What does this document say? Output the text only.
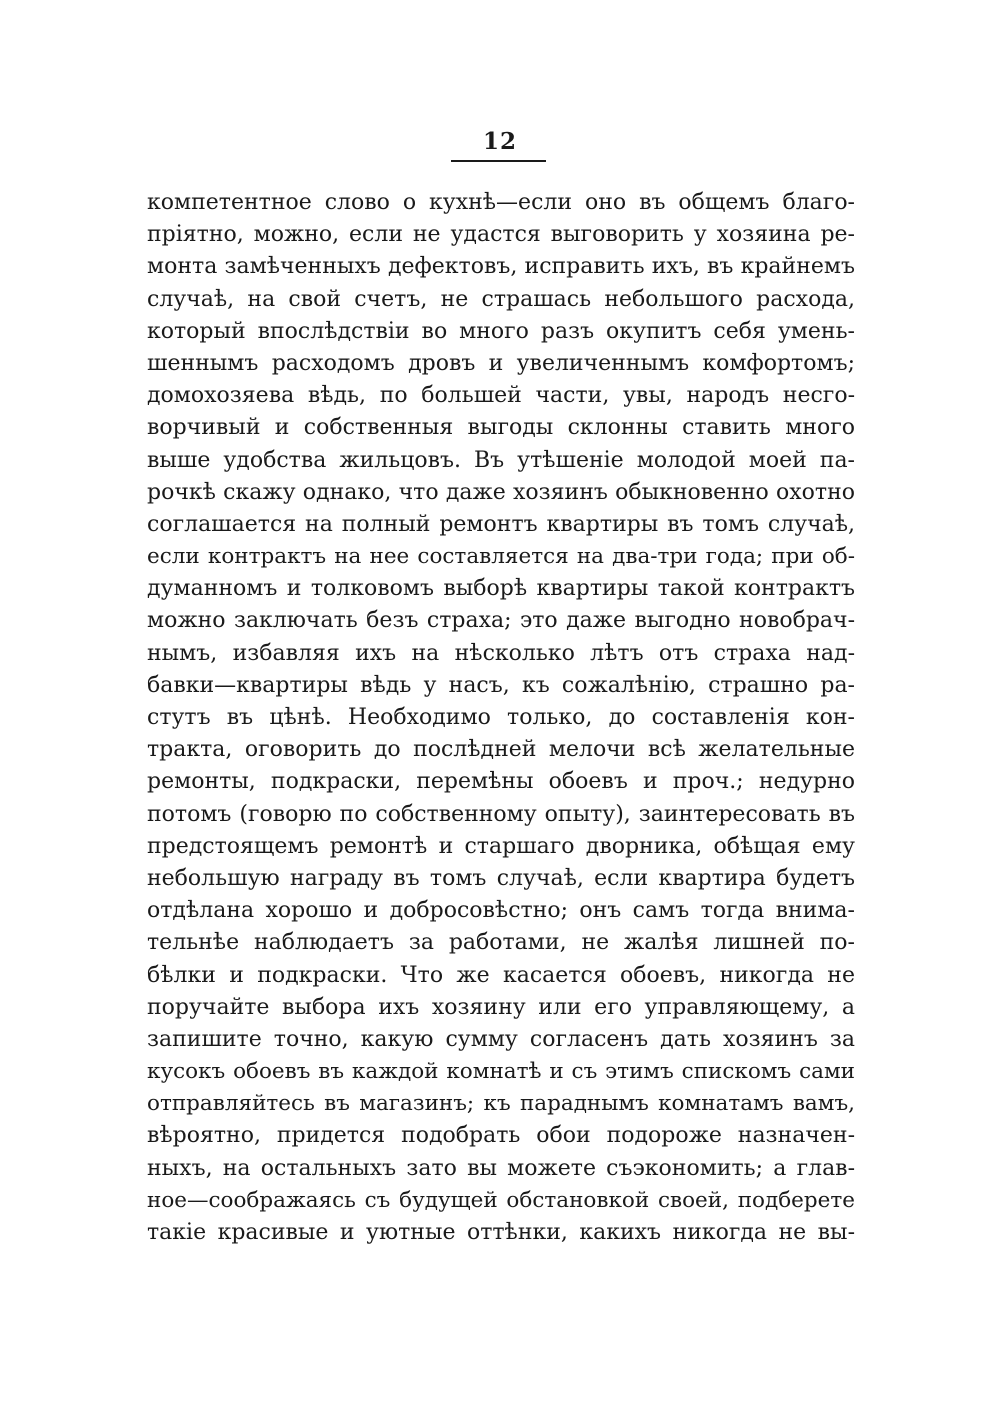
12
компетентное слово о кухнѣ—если оно въ общемъ благо-
пріятно, можно, если не удастся выговорить у хозяина ре-
монта замѣченныхъ дефектовъ, исправить ихъ, въ крайнемъ
случаѣ, на свой счетъ, не страшась небольшого расхода,
который впослѣдствіи во много разъ окупитъ себя умень-
шеннымъ расходомъ дровъ и увеличеннымъ комфортомъ;
домохозяева вѣдь, по большей части, увы, народъ несго-
ворчивый и собственныя выгоды склонны ставить много
выше удобства жильцовъ. Въ утѣшеніе молодой моей па-
рочкѣ скажу однако, что даже хозяинъ обыкновенно охотно
соглашается на полный ремонтъ квартиры въ томъ случаѣ,
если контрактъ на нее составляется на два-три года; при об-
думанномъ и толковомъ выборѣ квартиры такой контрактъ
можно заключать безъ страха; это даже выгодно новобрач-
нымъ, избавляя ихъ на нѣсколько лѣтъ отъ страха над-
бавки—квартиры вѣдь у насъ, къ сожалѣнію, страшно ра-
стутъ въ цѣнѣ. Необходимо только, до составленія кон-
тракта, оговорить до послѣдней мелочи всѣ желательные
ремонты, подкраски, перемѣны обоевъ и проч.; недурно
потомъ (говорю по собственному опыту), заинтересовать въ
предстоящемъ ремонтѣ и старшаго дворника, обѣщая ему
небольшую награду въ томъ случаѣ, если квартира будетъ
отдѣлана хорошо и добросовѣстно; онъ самъ тогда внима-
тельнѣе наблюдаетъ за работами, не жалѣя лишней по-
бѣлки и подкраски. Что же касается обоевъ, никогда не
поручайте выбора ихъ хозяину или его управляющему, а
запишите точно, какую сумму согласенъ дать хозяинъ за
кусокъ обоевъ въ каждой комнатѣ и съ этимъ спискомъ сами
отправляйтесь въ магазинъ; къ параднымъ комнатамъ вамъ,
вѣроятно, придется подобрать обои подороже назначен-
ныхъ, на остальныхъ зато вы можете съэкономить; а глав-
ное—соображаясь съ будущей обстановкой своей, подберете
такіе красивые и уютные оттѣнки, какихъ никогда не вы-
